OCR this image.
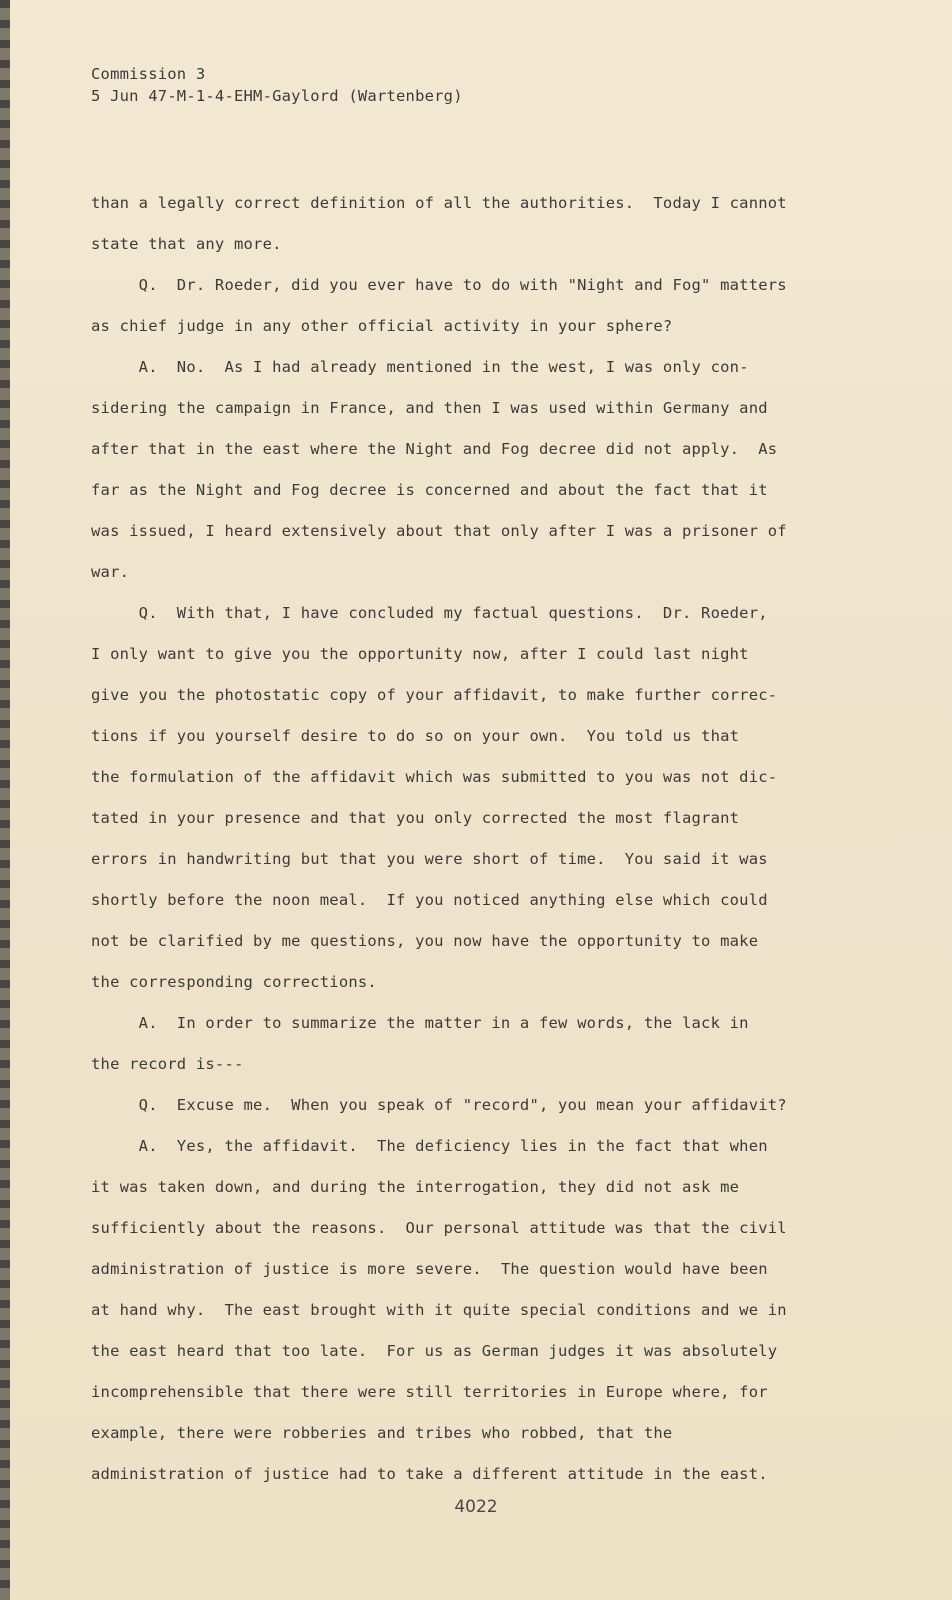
Commission 3
5 Jun 47-M-1-4-EHM-Gaylord (Wartenberg)
than a legally correct definition of all the authorities.  Today I cannot
state that any more.
Q.  Dr. Roeder, did you ever have to do with "Night and Fog" matters
as chief judge in any other official activity in your sphere?
A.  No.  As I had already mentioned in the west, I was only con-
sidering the campaign in France, and then I was used within Germany and
after that in the east where the Night and Fog decree did not apply.  As
far as the Night and Fog decree is concerned and about the fact that it
was issued, I heard extensively about that only after I was a prisoner of
war.
Q.  With that, I have concluded my factual questions.  Dr. Roeder,
I only want to give you the opportunity now, after I could last night
give you the photostatic copy of your affidavit, to make further correc-
tions if you yourself desire to do so on your own.  You told us that
the formulation of the affidavit which was submitted to you was not dic-
tated in your presence and that you only corrected the most flagrant
errors in handwriting but that you were short of time.  You said it was
shortly before the noon meal.  If you noticed anything else which could
not be clarified by me questions, you now have the opportunity to make
the corresponding corrections.
A.  In order to summarize the matter in a few words, the lack in
the record is---
Q.  Excuse me.  When you speak of "record", you mean your affidavit?
A.  Yes, the affidavit.  The deficiency lies in the fact that when
it was taken down, and during the interrogation, they did not ask me
sufficiently about the reasons.  Our personal attitude was that the civil
administration of justice is more severe.  The question would have been
at hand why.  The east brought with it quite special conditions and we in
the east heard that too late.  For us as German judges it was absolutely
incomprehensible that there were still territories in Europe where, for
example, there were robberies and tribes who robbed, that the
administration of justice had to take a different attitude in the east.
4022
